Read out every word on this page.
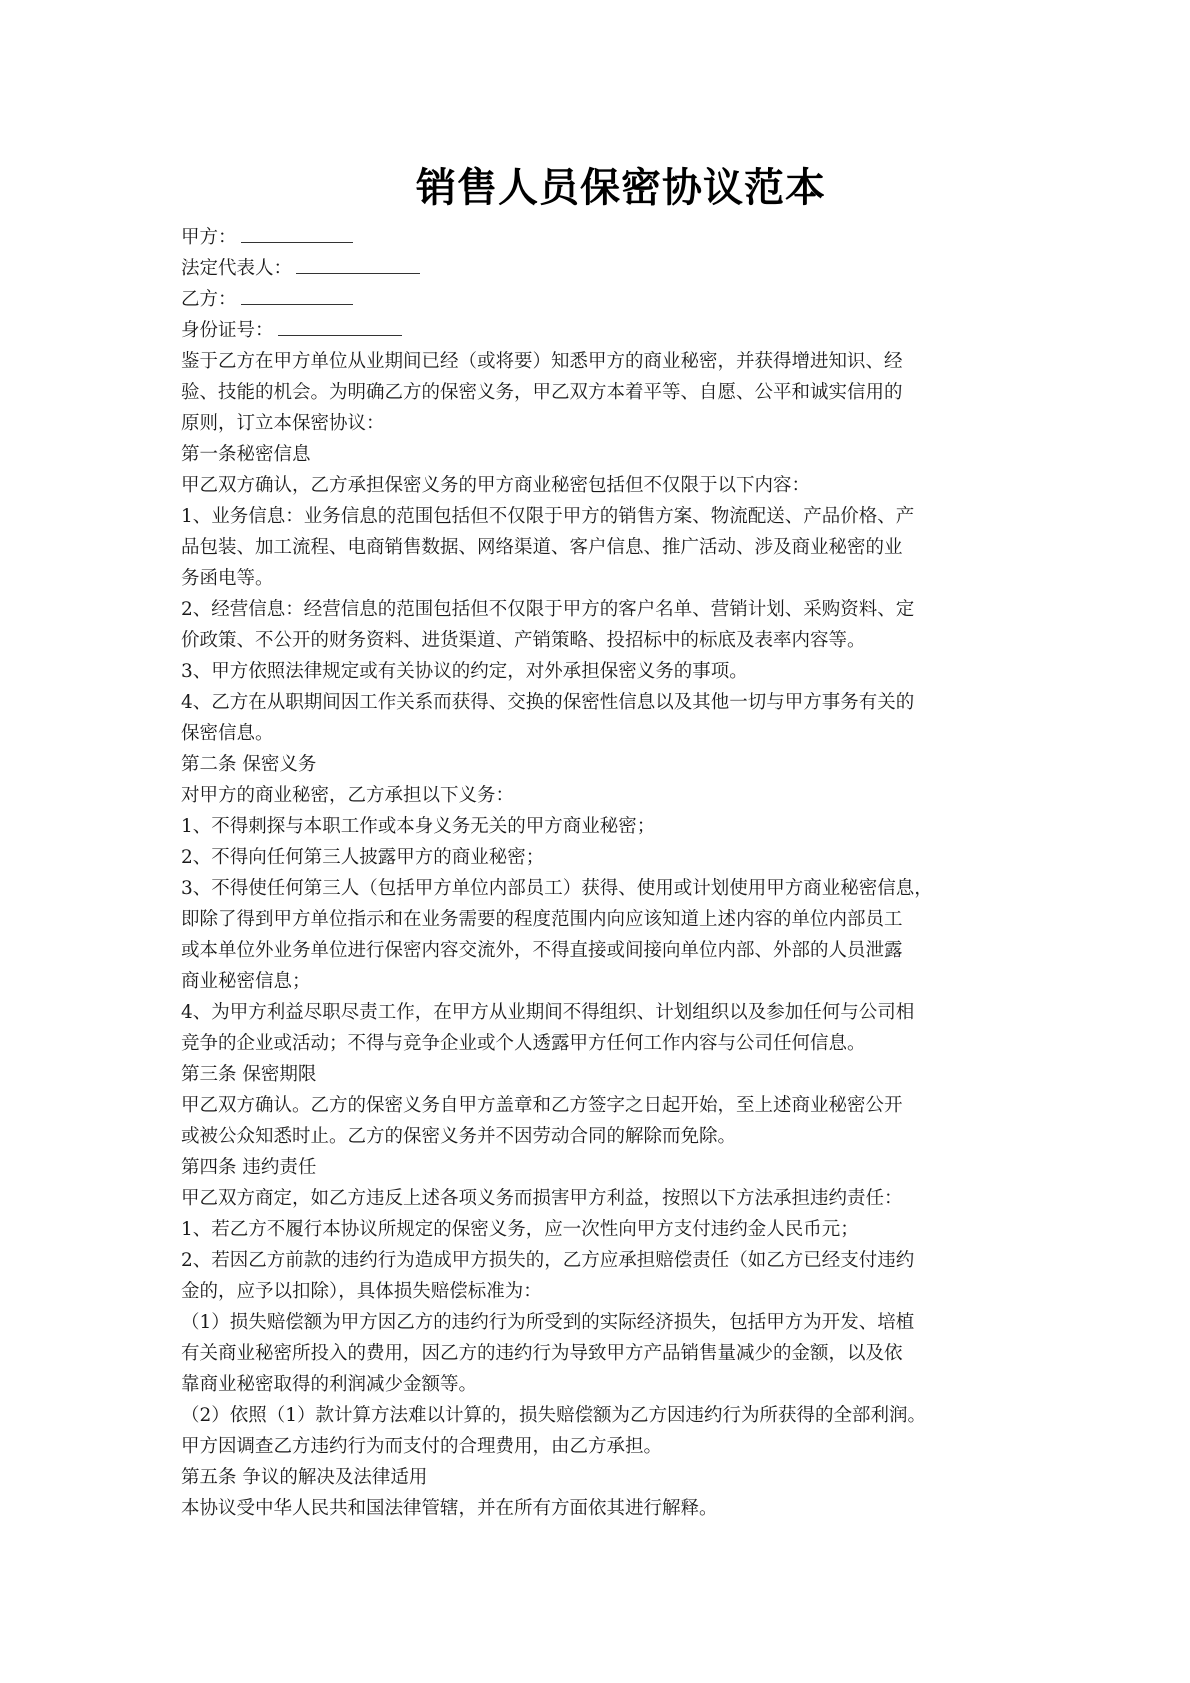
销售人员保密协议范本
甲方：
法定代表人：
乙方：
身份证号：
鉴于乙方在甲方单位从业期间已经（或将要）知悉甲方的商业秘密，并获得增进知识、经
验、技能的机会。为明确乙方的保密义务，甲乙双方本着平等、自愿、公平和诚实信用的
原则，订立本保密协议：
第一条秘密信息
甲乙双方确认，乙方承担保密义务的甲方商业秘密包括但不仅限于以下内容：
1、业务信息：业务信息的范围包括但不仅限于甲方的销售方案、物流配送、产品价格、产
品包装、加工流程、电商销售数据、网络渠道、客户信息、推广活动、涉及商业秘密的业
务函电等。
2、经营信息：经营信息的范围包括但不仅限于甲方的客户名单、营销计划、采购资料、定
价政策、不公开的财务资料、进货渠道、产销策略、投招标中的标底及表率内容等。
3、甲方依照法律规定或有关协议的约定，对外承担保密义务的事项。
4、乙方在从职期间因工作关系而获得、交换的保密性信息以及其他一切与甲方事务有关的
保密信息。
第二条 保密义务
对甲方的商业秘密，乙方承担以下义务：
1、不得刺探与本职工作或本身义务无关的甲方商业秘密；
2、不得向任何第三人披露甲方的商业秘密；
3、不得使任何第三人（包括甲方单位内部员工）获得、使用或计划使用甲方商业秘密信息，
即除了得到甲方单位指示和在业务需要的程度范围内向应该知道上述内容的单位内部员工
或本单位外业务单位进行保密内容交流外，不得直接或间接向单位内部、外部的人员泄露
商业秘密信息；
4、为甲方利益尽职尽责工作，在甲方从业期间不得组织、计划组织以及参加任何与公司相
竞争的企业或活动；不得与竞争企业或个人透露甲方任何工作内容与公司任何信息。
第三条 保密期限
甲乙双方确认。乙方的保密义务自甲方盖章和乙方签字之日起开始，至上述商业秘密公开
或被公众知悉时止。乙方的保密义务并不因劳动合同的解除而免除。
第四条 违约责任
甲乙双方商定，如乙方违反上述各项义务而损害甲方利益，按照以下方法承担违约责任：
1、若乙方不履行本协议所规定的保密义务，应一次性向甲方支付违约金人民币元；
2、若因乙方前款的违约行为造成甲方损失的，乙方应承担赔偿责任（如乙方已经支付违约
金的，应予以扣除），具体损失赔偿标准为：
（1）损失赔偿额为甲方因乙方的违约行为所受到的实际经济损失，包括甲方为开发、培植
有关商业秘密所投入的费用，因乙方的违约行为导致甲方产品销售量减少的金额，以及依
靠商业秘密取得的利润减少金额等。
（2）依照（1）款计算方法难以计算的，损失赔偿额为乙方因违约行为所获得的全部利润。
甲方因调查乙方违约行为而支付的合理费用，由乙方承担。
第五条 争议的解决及法律适用
本协议受中华人民共和国法律管辖，并在所有方面依其进行解释。
